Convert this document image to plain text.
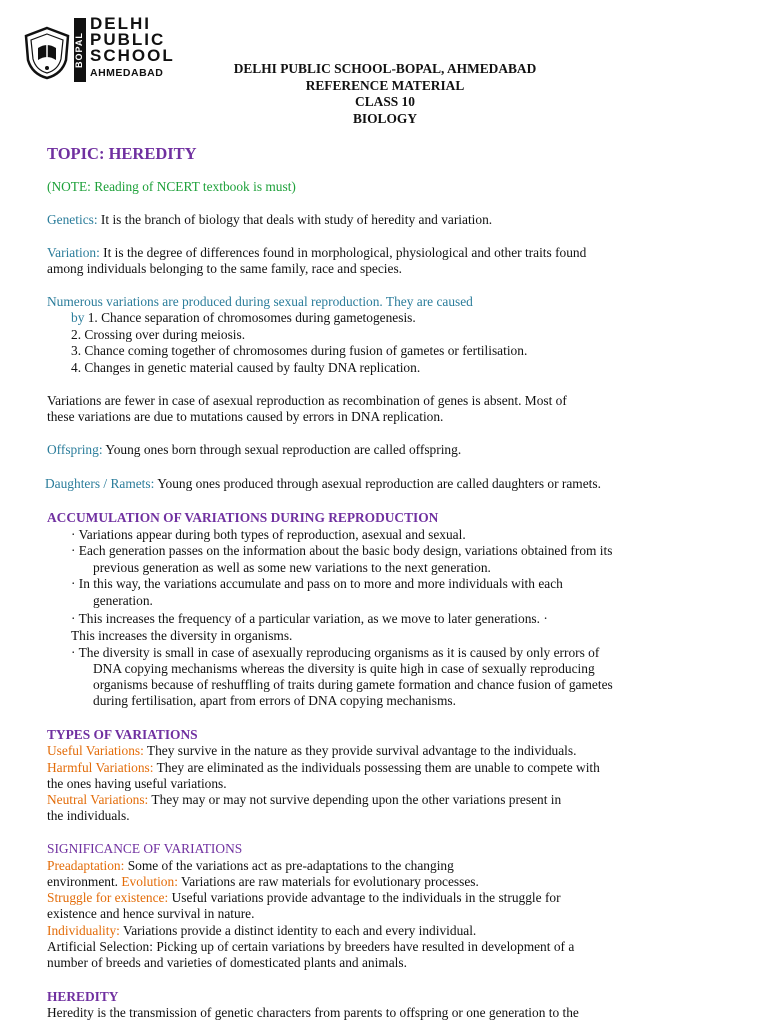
BOPAL
DELHI
PUBLIC
SCHOOL
AHMEDABAD	DELHI PUBLIC SCHOOL-BOPAL, AHMEDABAD
REFERENCE MATERIAL
CLASS 10
BIOLOGY
TOPIC: HEREDITY
(NOTE: Reading of NCERT textbook is must)
Genetics: It is the branch of biology that deals with study of heredity and variation.
Variation: It is the degree of differences found in morphological, physiological and other traits found
among individuals belonging to the same family, race and species.
Numerous variations are produced during sexual reproduction. They are caused
by 1. Chance separation of chromosomes during gametogenesis.
2. Crossing over during meiosis.
3. Chance coming together of chromosomes during fusion of gametes or fertilisation.
4. Changes in genetic material caused by faulty DNA replication.
Variations are fewer in case of asexual reproduction as recombination of genes is absent. Most of
these variations are due to mutations caused by errors in DNA replication.
Offspring: Young ones born through sexual reproduction are called offspring.
Daughters / Ramets: Young ones produced through asexual reproduction are called daughters or ramets.
ACCUMULATION OF VARIATIONS DURING REPRODUCTION
· Variations appear during both types of reproduction, asexual and sexual.
· Each generation passes on the information about the basic body design, variations obtained from its
previous generation as well as some new variations to the next generation.
· In this way, the variations accumulate and pass on to more and more individuals with each
generation.
· This increases the frequency of a particular variation, as we move to later generations. ·
This increases the diversity in organisms.
· The diversity is small in case of asexually reproducing organisms as it is caused by only errors of
DNA copying mechanisms whereas the diversity is quite high in case of sexually reproducing
organisms because of reshuffling of traits during gamete formation and chance fusion of gametes
during fertilisation, apart from errors of DNA copying mechanisms.
TYPES OF VARIATIONS
Useful Variations: They survive in the nature as they provide survival advantage to the individuals.
Harmful Variations: They are eliminated as the individuals possessing them are unable to compete with
the ones having useful variations.
Neutral Variations: They may or may not survive depending upon the other variations present in
the individuals.
SIGNIFICANCE OF VARIATIONS
Preadaptation: Some of the variations act as pre-adaptations to the changing
environment. Evolution: Variations are raw materials for evolutionary processes.
Struggle for existence: Useful variations provide advantage to the individuals in the struggle for
existence and hence survival in nature.
Individuality: Variations provide a distinct identity to each and every individual.
Artificial Selection: Picking up of certain variations by breeders have resulted in development of a
number of breeds and varieties of domesticated plants and animals.
HEREDITY
Heredity is the transmission of genetic characters from parents to offspring or one generation to the
